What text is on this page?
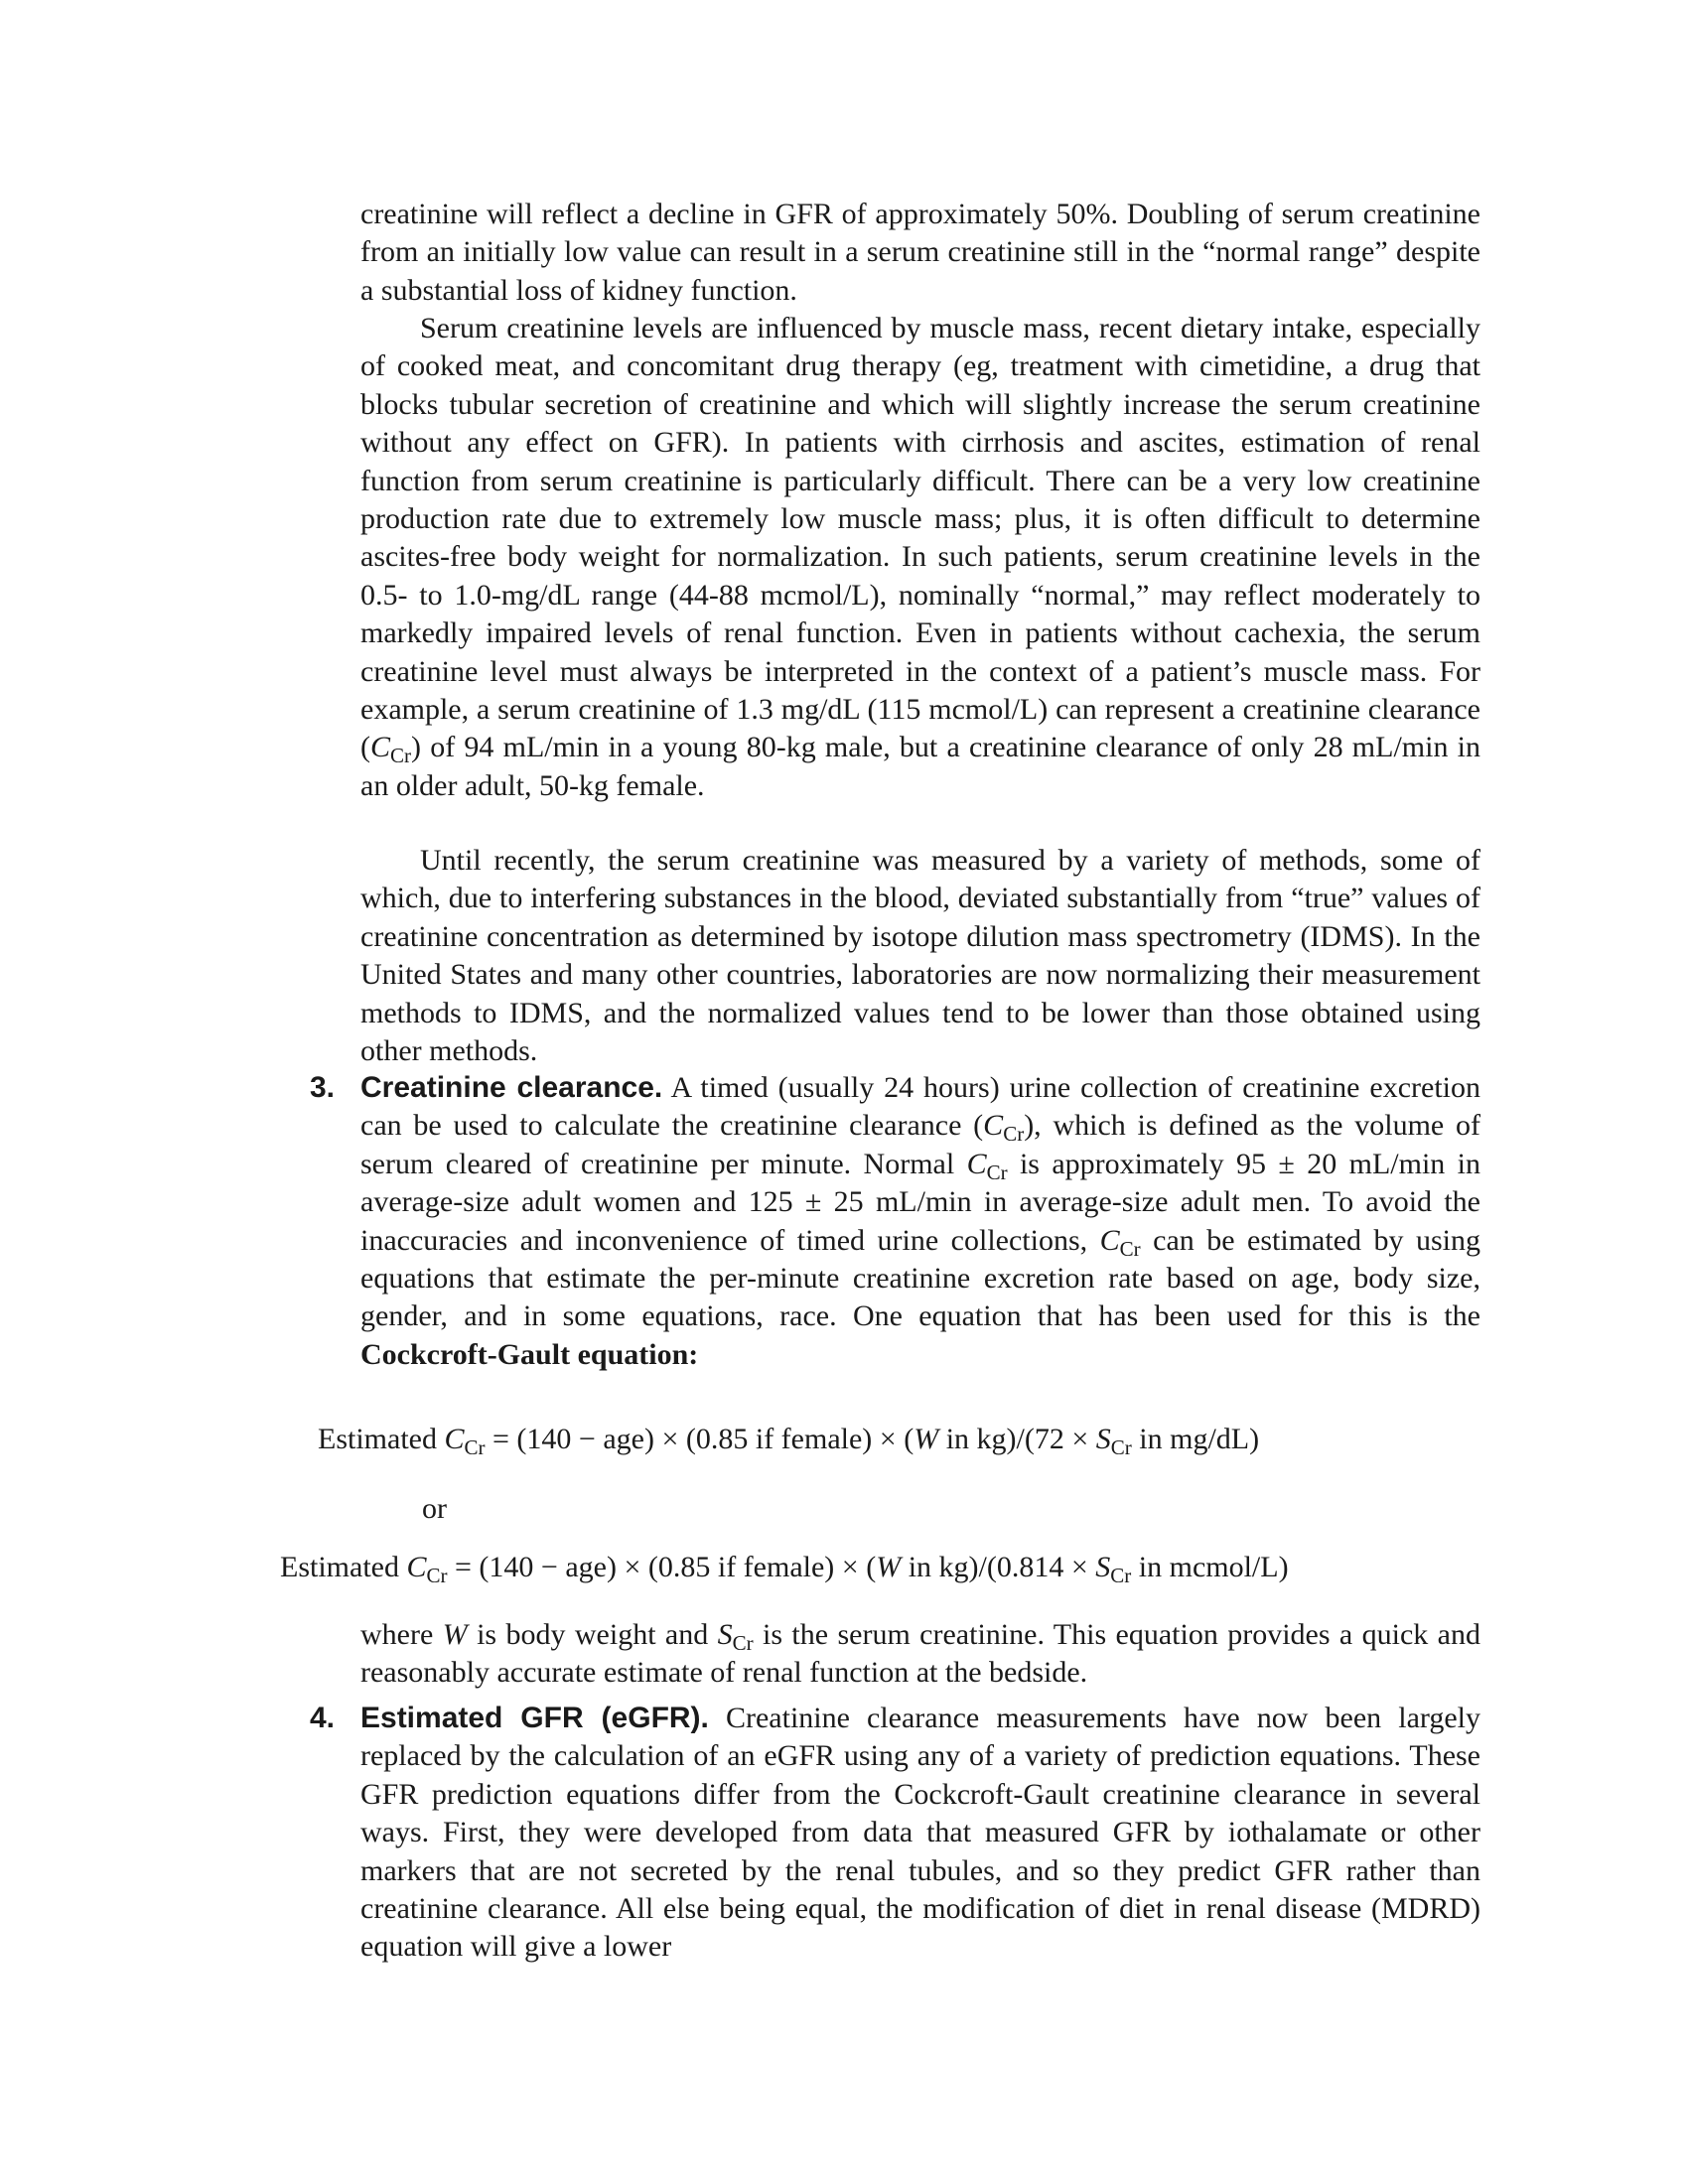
creatinine will reflect a decline in GFR of approximately 50%. Doubling of serum creatinine from an initially low value can result in a serum creatinine still in the “normal range” despite a substantial loss of kidney function.
Serum creatinine levels are influenced by muscle mass, recent dietary intake, especially of cooked meat, and concomitant drug therapy (eg, treatment with cimetidine, a drug that blocks tubular secretion of creatinine and which will slightly increase the serum creatinine without any effect on GFR). In patients with cirrhosis and ascites, estimation of renal function from serum creatinine is particularly difficult. There can be a very low creatinine production rate due to extremely low muscle mass; plus, it is often difficult to determine ascites-free body weight for normalization. In such patients, serum creatinine levels in the 0.5- to 1.0-mg/dL range (44-88 mcmol/L), nominally “normal,” may reflect moderately to markedly impaired levels of renal function. Even in patients without cachexia, the serum creatinine level must always be interpreted in the context of a patient’s muscle mass. For example, a serum creatinine of 1.3 mg/dL (115 mcmol/L) can represent a creatinine clearance $(C_{Cr})$ of 94 mL/min in a young 80-kg male, but a creatinine clearance of only 28 mL/min in an older adult, 50-kg female.
Until recently, the serum creatinine was measured by a variety of methods, some of which, due to interfering substances in the blood, deviated substantially from “true” values of creatinine concentration as determined by isotope dilution mass spectrometry (IDMS). In the United States and many other countries, laboratories are now normalizing their measurement methods to IDMS, and the normalized values tend to be lower than those obtained using other methods.
3. Creatinine clearance. A timed (usually 24 hours) urine collection of creatinine excretion can be used to calculate the creatinine clearance $(C_{Cr})$, which is defined as the volume of serum cleared of creatinine per minute. Normal $C_{Cr}$ is approximately 95 ± 20 mL/min in average-size adult women and 125 ± 25 mL/min in average-size adult men. To avoid the inaccuracies and inconvenience of timed urine collections, $C_{Cr}$ can be estimated by using equations that estimate the per-minute creatinine excretion rate based on age, body size, gender, and in some equations, race. One equation that has been used for this is the Cockcroft-Gault equation:
Estimated $C_{Cr} = (140 - age) \times (0.85$ if female) × (W in $kg)/(72 \times S_{Cr}$ in mg/dL)
or
Estimated $C_{Cr} = (140 - age) \times (0.85$ if female) × (W in $kg)/(0.814 \times S_{Cr}$ in mcmol/L)
where W is body weight and $S_{Cr}$ is the serum creatinine. This equation provides a quick and reasonably accurate estimate of renal function at the bedside.
4. Estimated GFR (eGFR). Creatinine clearance measurements have now been largely replaced by the calculation of an eGFR using any of a variety of prediction equations. These GFR prediction equations differ from the Cockcroft-Gault creatinine clearance in several ways. First, they were developed from data that measured GFR by iothalamate or other markers that are not secreted by the renal tubules, and so they predict GFR rather than creatinine clearance. All else being equal, the modification of diet in renal disease (MDRD) equation will give a lower
